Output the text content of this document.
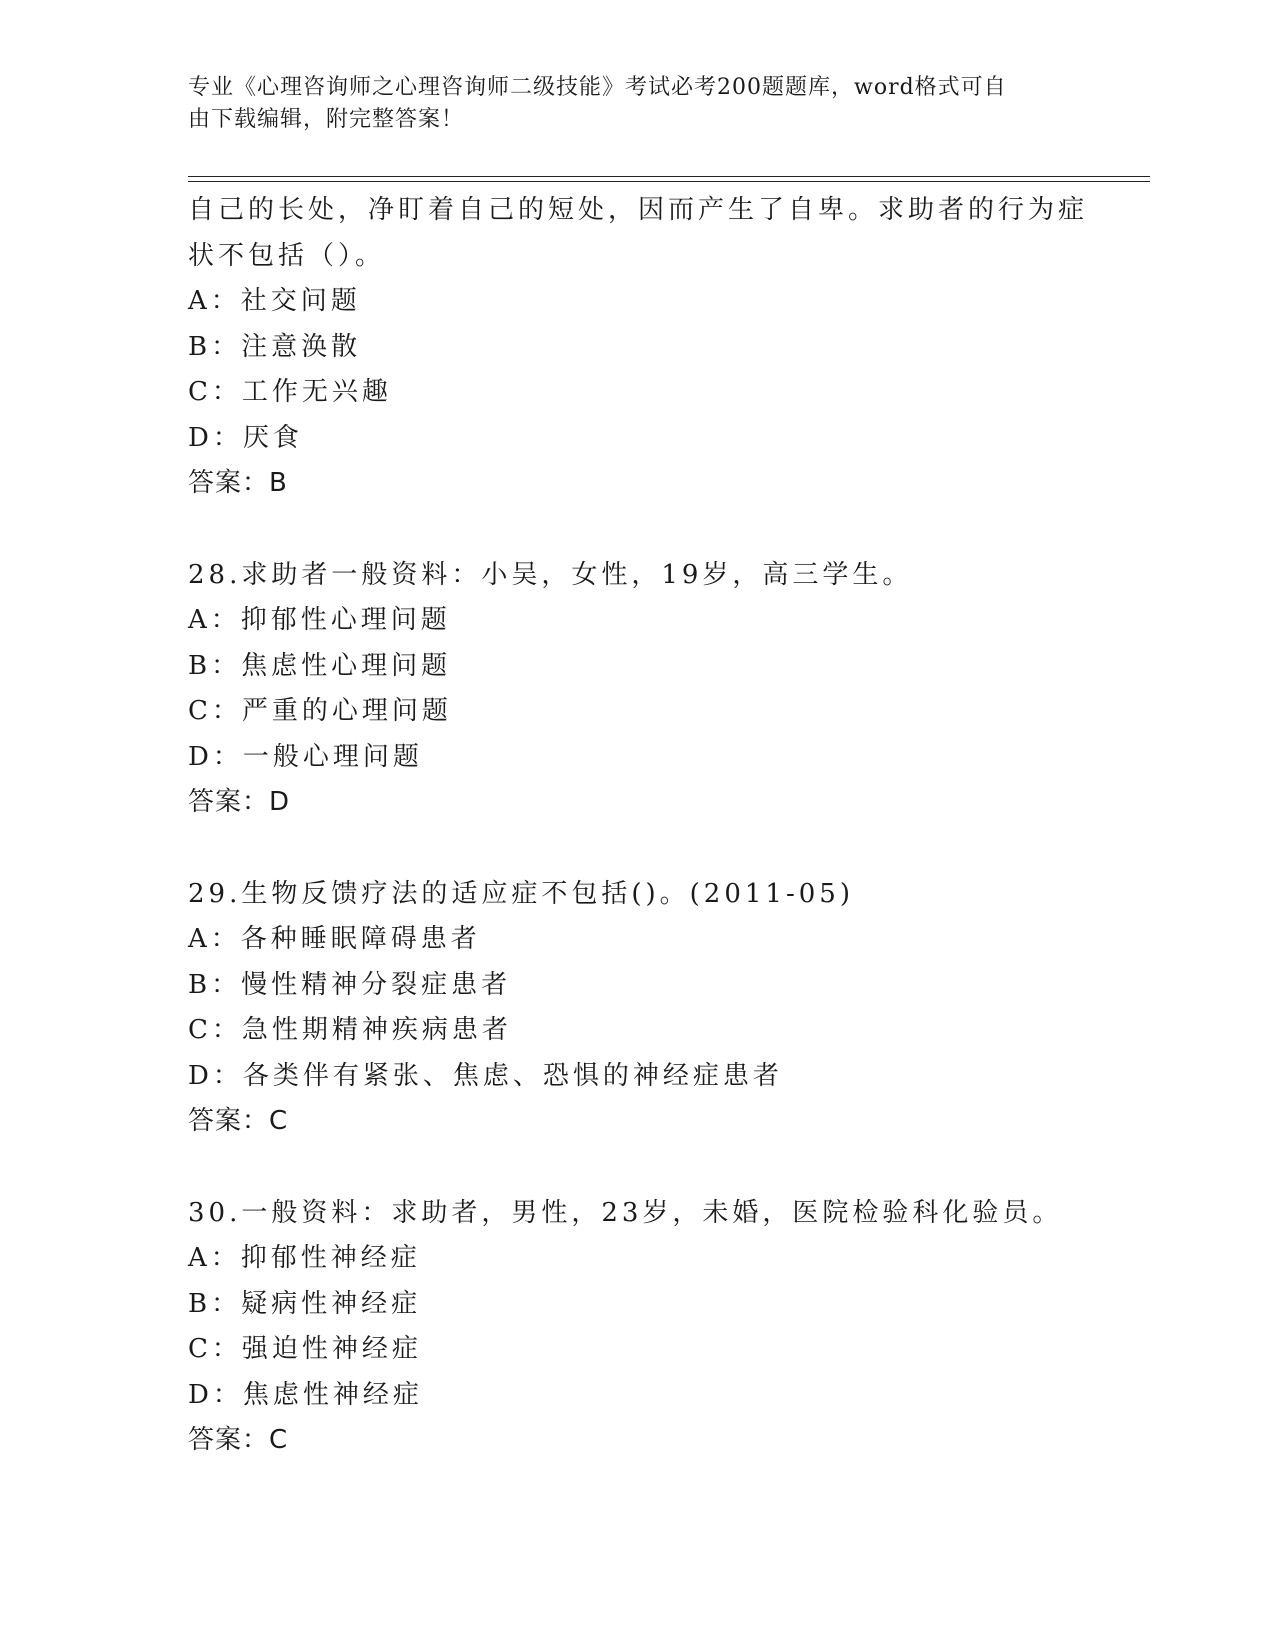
专业《心理咨询师之心理咨询师二级技能》考试必考200题题库，word格式可自
由下载编辑，附完整答案！
自己的长处，净盯着自己的短处，因而产生了自卑。求助者的行为症
状不包括（）。
A：社交问题
B：注意涣散
C：工作无兴趣
D：厌食
答案：B
28.求助者一般资料：小吴，女性，19岁，高三学生。
A：抑郁性心理问题
B：焦虑性心理问题
C：严重的心理问题
D：一般心理问题
答案：D
29.生物反馈疗法的适应症不包括()。(2011-05)
A：各种睡眠障碍患者
B：慢性精神分裂症患者
C：急性期精神疾病患者
D：各类伴有紧张、焦虑、恐惧的神经症患者
答案：C
30.一般资料：求助者，男性，23岁，未婚，医院检验科化验员。
A：抑郁性神经症
B：疑病性神经症
C：强迫性神经症
D：焦虑性神经症
答案：C
